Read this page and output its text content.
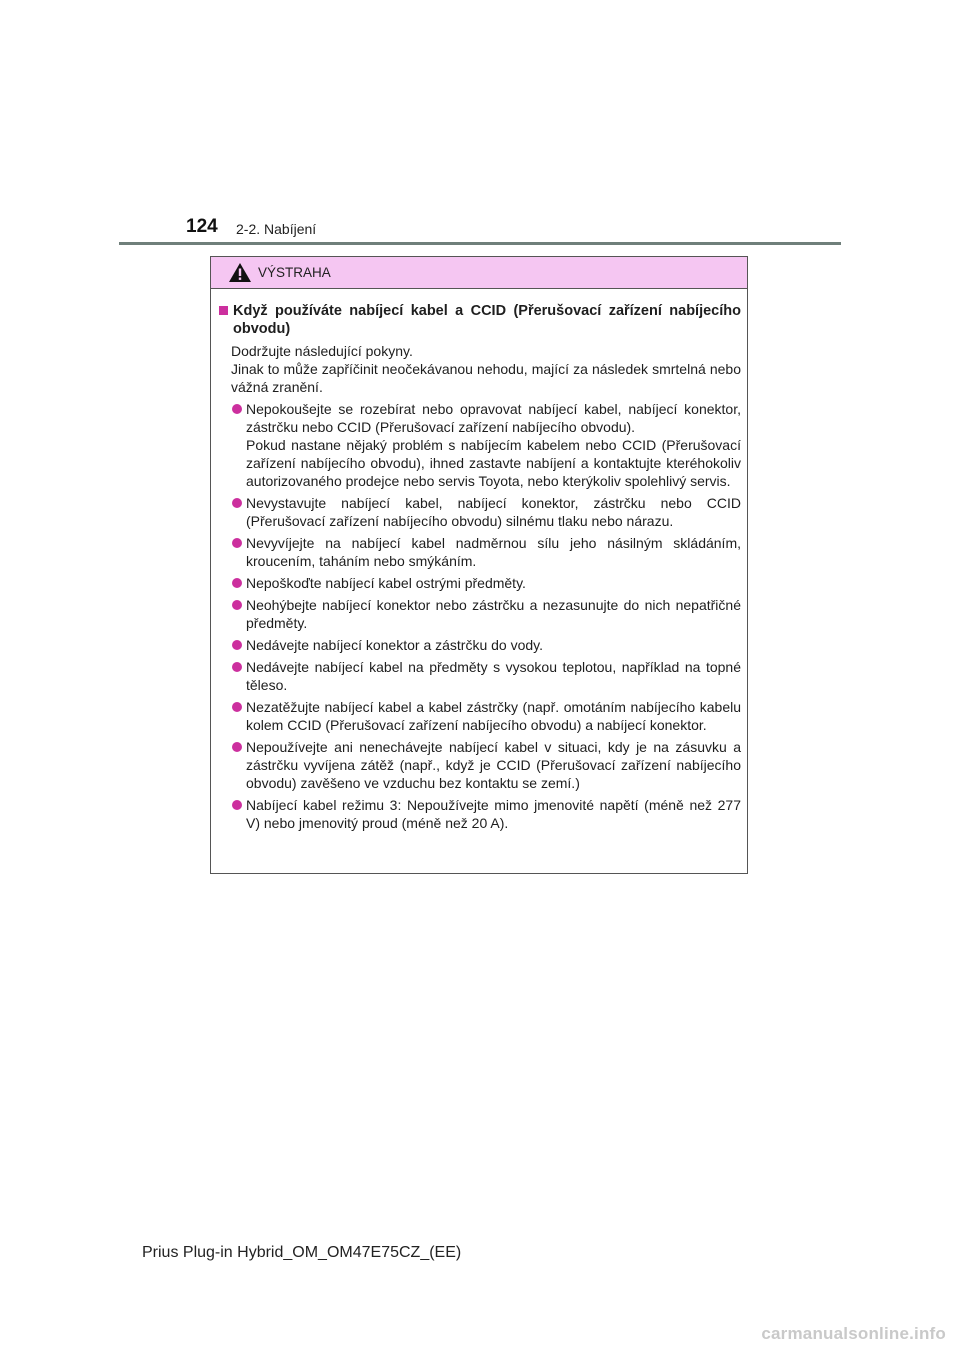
124 2-2. Nabíjení
VÝSTRAHA
Když používáte nabíjecí kabel a CCID (Přerušovací zařízení nabíjecího obvodu)
Dodržujte následující pokyny.
Jinak to může zapříčinit neočekávanou nehodu, mající za následek smrtelná nebo vážná zranění.
Nepokoušejte se rozebírat nebo opravovat nabíjecí kabel, nabíjecí konektor, zástrčku nebo CCID (Přerušovací zařízení nabíjecího obvodu).
Pokud nastane nějaký problém s nabíjecím kabelem nebo CCID (Přerušovací zařízení nabíjecího obvodu), ihned zastavte nabíjení a kontaktujte kteréhokoliv autorizovaného prodejce nebo servis Toyota, nebo kterýkoliv spolehlivý servis.
Nevystavujte nabíjecí kabel, nabíjecí konektor, zástrčku nebo CCID (Přerušovací zařízení nabíjecího obvodu) silnému tlaku nebo nárazu.
Nevyvíjejte na nabíjecí kabel nadměrnou sílu jeho násilným skládáním, kroucením, taháním nebo smýkáním.
Nepoškoďte nabíjecí kabel ostrými předměty.
Neohýbejte nabíjecí konektor nebo zástrčku a nezasunujte do nich nepatřičné předměty.
Nedávejte nabíjecí konektor a zástrčku do vody.
Nedávejte nabíjecí kabel na předměty s vysokou teplotou, například na topné těleso.
Nezatěžujte nabíjecí kabel a kabel zástrčky (např. omotáním nabíjecího kabelu kolem CCID (Přerušovací zařízení nabíjecího obvodu) a nabíjecí konektor.
Nepoužívejte ani nenechávejte nabíjecí kabel v situaci, kdy je na zásuvku a zástrčku vyvíjena zátěž (např., když je CCID (Přerušovací zařízení nabíjecího obvodu) zavěšeno ve vzduchu bez kontaktu se zemí.)
Nabíjecí kabel režimu 3: Nepoužívejte mimo jmenovité napětí (méně než 277 V) nebo jmenovitý proud (méně než 20 A).
Prius Plug-in Hybrid_OM_OM47E75CZ_(EE)
carmanualsonline.info
